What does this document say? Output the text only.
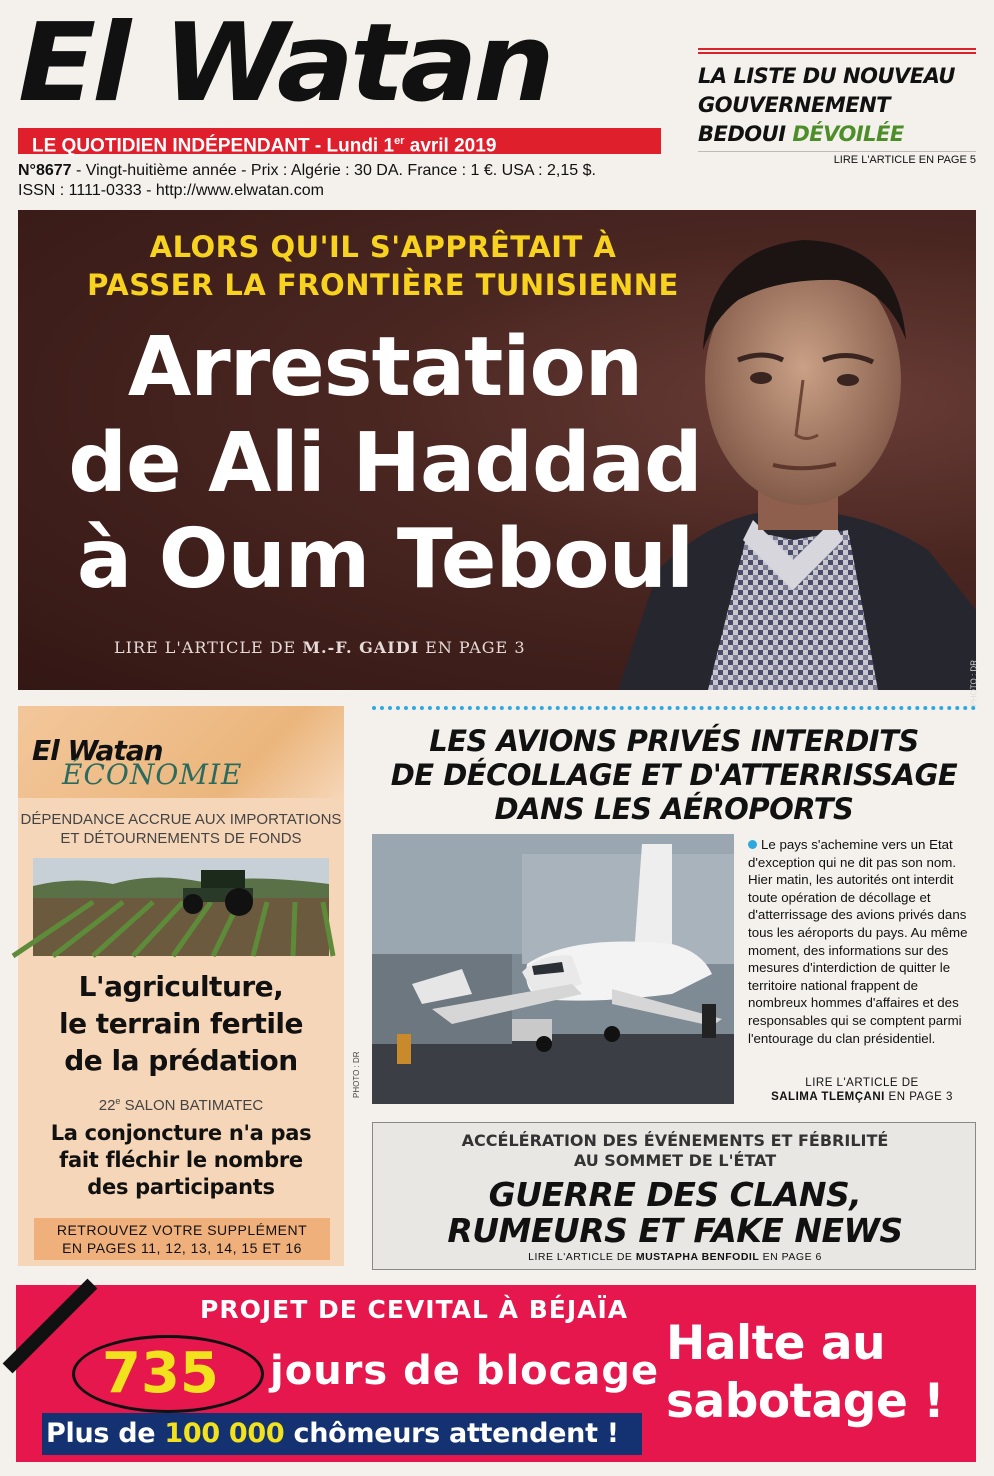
El Watan
LE QUOTIDIEN INDÉPENDANT - Lundi 1er avril 2019
N°8677 - Vingt-huitième année - Prix : Algérie : 30 DA. France : 1 €. USA : 2,15 $.
ISSN : 1111-0333 - http://www.elwatan.com
LA LISTE DU NOUVEAU
GOUVERNEMENT
BEDOUI DÉVOILÉE
LIRE L'ARTICLE EN PAGE 5
ALORS QU'IL S'APPRÊTAIT À
PASSER LA FRONTIÈRE TUNISIENNE
Arrestation
de Ali Haddad
à Oum Teboul
LIRE L'ARTICLE DE M.-F. GAIDI EN PAGE 3
PHOTO : DR
El Watan
ÉCONOMIE
DÉPENDANCE ACCRUE AUX IMPORTATIONS
ET DÉTOURNEMENTS DE FONDS
L'agriculture,
le terrain fertile
de la prédation
22e SALON BATIMATEC
La conjoncture n'a pas
fait fléchir le nombre
des participants
RETROUVEZ VOTRE SUPPLÉMENT
EN PAGES 11, 12, 13, 14, 15 ET 16
LES AVIONS PRIVÉS INTERDITS
DE DÉCOLLAGE ET D'ATTERRISSAGE
DANS LES AÉROPORTS
PHOTO : DR
Le pays s'achemine vers un Etat d'exception qui ne dit pas son nom. Hier matin, les autorités ont interdit toute opération de décollage et d'atterrissage des avions privés dans tous les aéroports du pays. Au même moment, des informations sur des mesures d'interdiction de quitter le territoire national frappent de nombreux hommes d'affaires et des responsables qui se comptent parmi l'entourage du clan présidentiel.
LIRE L'ARTICLE DE
SALIMA TLEMÇANI EN PAGE 3
ACCÉLÉRATION DES ÉVÉNEMENTS ET FÉBRILITÉ
AU SOMMET DE L'ÉTAT
GUERRE DES CLANS,
RUMEURS ET FAKE NEWS
LIRE L'ARTICLE DE MUSTAPHA BENFODIL EN PAGE 6
PROJET DE CEVITAL À BÉJAÏA
735 jours de blocage
Plus de 100 000 chômeurs attendent !
Halte au
sabotage !
